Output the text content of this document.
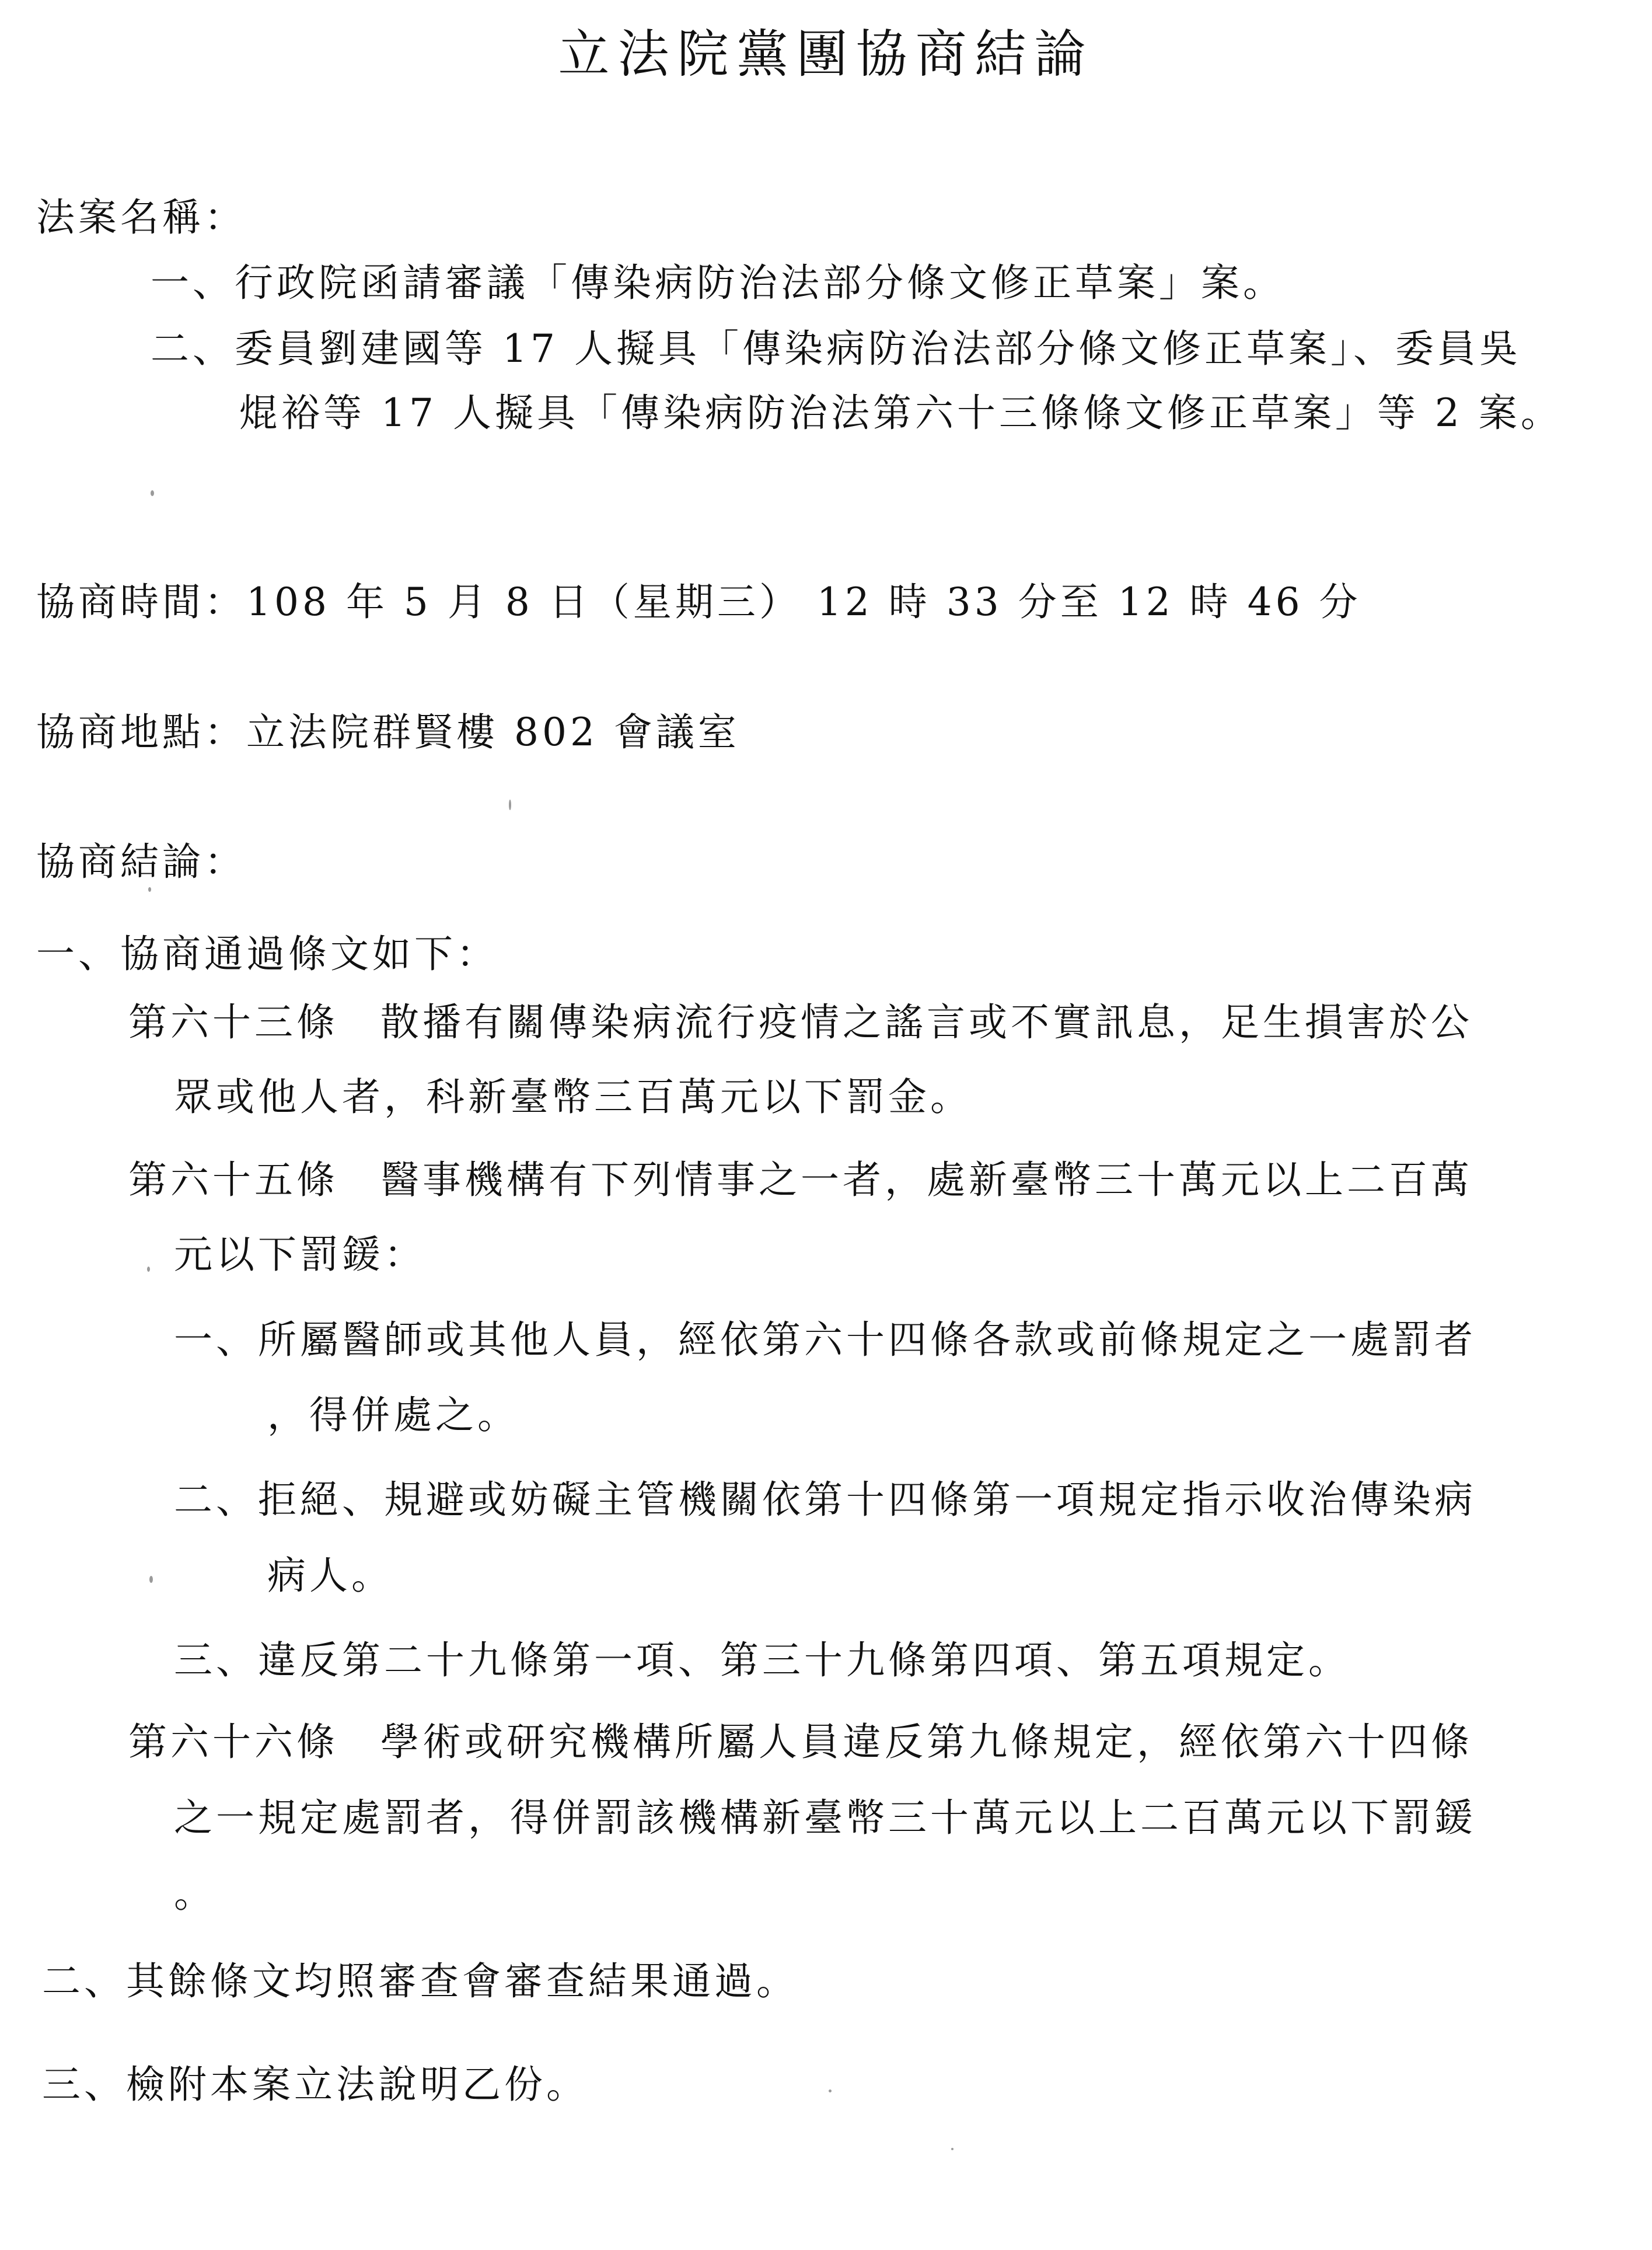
立法院黨團協商結論
法案名稱：
一、行政院函請審議「傳染病防治法部分條文修正草案」案。
二、委員劉建國等 17 人擬具「傳染病防治法部分條文修正草案」、委員吳
焜裕等 17 人擬具「傳染病防治法第六十三條條文修正草案」等 2 案。
協商時間：108 年 5 月 8 日（星期三） 12 時 33 分至 12 時 46 分
協商地點：立法院群賢樓 802 會議室
協商結論：
一、協商通過條文如下：
第六十三條　散播有關傳染病流行疫情之謠言或不實訊息，足生損害於公
眾或他人者，科新臺幣三百萬元以下罰金。
第六十五條　醫事機構有下列情事之一者，處新臺幣三十萬元以上二百萬
元以下罰鍰：
一、所屬醫師或其他人員，經依第六十四條各款或前條規定之一處罰者
，得併處之。
二、拒絕、規避或妨礙主管機關依第十四條第一項規定指示收治傳染病
病人。
三、違反第二十九條第一項、第三十九條第四項、第五項規定。
第六十六條　學術或研究機構所屬人員違反第九條規定，經依第六十四條
之一規定處罰者，得併罰該機構新臺幣三十萬元以上二百萬元以下罰鍰
。
二、其餘條文均照審查會審查結果通過。
三、檢附本案立法說明乙份。
